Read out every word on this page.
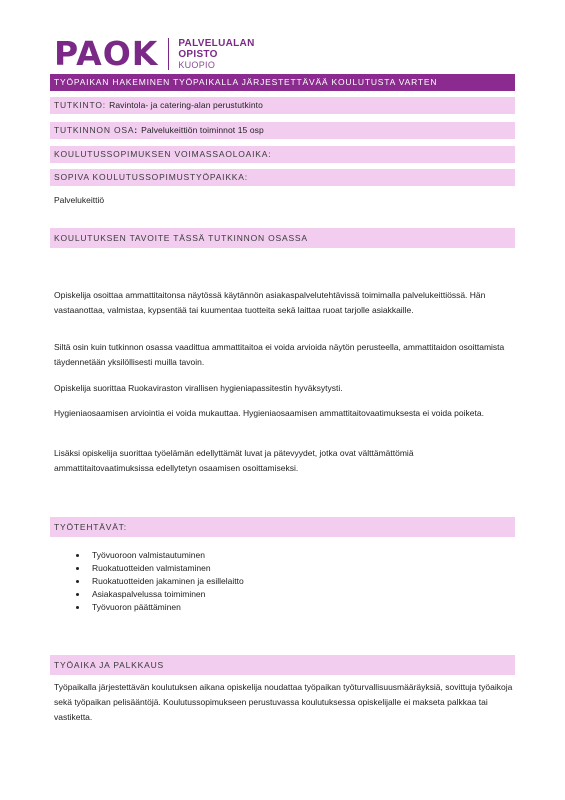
PAOK PALVELUALAN
OPISTO
KUOPIO
TYÖPAIKAN HAKEMINEN TYÖPAIKALLA JÄRJESTETTÄVÄÄ KOULUTUSTA VARTEN
TUTKINTO: Ravintola- ja catering-alan perustutkinto
TUTKINNON OSA: Palvelukeittiön toiminnot 15 osp
KOULUTUSSOPIMUKSEN VOIMASSAOLOAIKA:
SOPIVA KOULUTUSSOPIMUSTYÖPAIKKA:
Palvelukeittiö
KOULUTUKSEN TAVOITE TÄSSÄ TUTKINNON OSASSA
Opiskelija osoittaa ammattitaitonsa näytössä käytännön asiakaspalvelutehtävissä toimimalla palvelukeittiössä. Hän vastaanottaa, valmistaa, kypsentää tai kuumentaa tuotteita sekä laittaa ruoat tarjolle asiakkaille.
Siltä osin kuin tutkinnon osassa vaadittua ammattitaitoa ei voida arvioida näytön perusteella, ammattitaidon osoittamista täydennetään yksilöllisesti muilla tavoin.
Opiskelija suorittaa Ruokaviraston virallisen hygieniapassitestin hyväksytysti.
Hygieniaosaamisen arviointia ei voida mukauttaa. Hygieniaosaamisen ammattitaitovaatimuksesta ei voida poiketa.
Lisäksi opiskelija suorittaa työelämän edellyttämät luvat ja pätevyydet, jotka ovat välttämättömiä ammattitaitovaatimuksissa edellytetyn osaamisen osoittamiseksi.
TYÖTEHTÄVÄT:
• Työvuoroon valmistautuminen
• Ruokatuotteiden valmistaminen
• Ruokatuotteiden jakaminen ja esillelaitto
• Asiakaspalvelussa toimiminen
• Työvuoron päättäminen
TYÖAIKA JA PALKKAUS
Työpaikalla järjestettävän koulutuksen aikana opiskelija noudattaa työpaikan työturvallisuusmääräyksiä, sovittuja työaikoja sekä työpaikan pelisääntöjä. Koulutussopimukseen perustuvassa koulutuksessa opiskelijalle ei makseta palkkaa tai vastiketta.
